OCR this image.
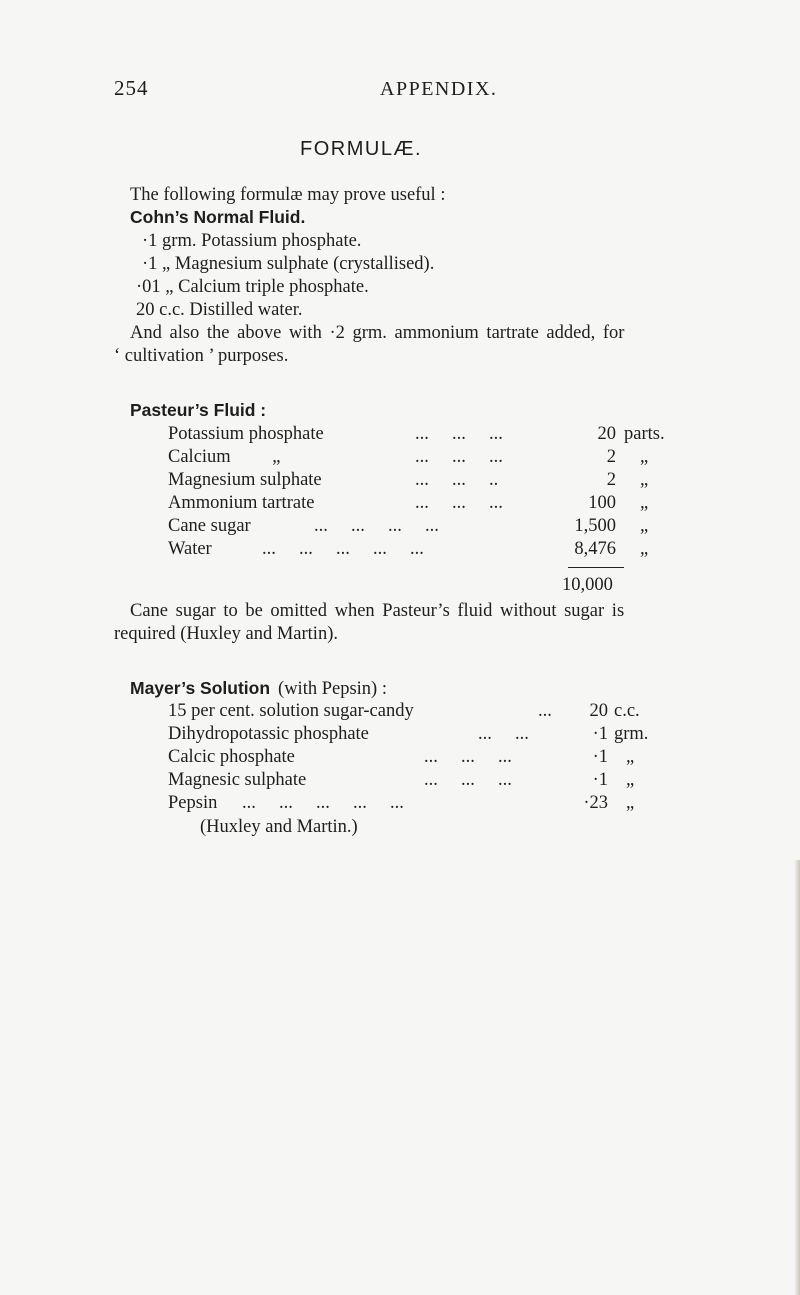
254	APPENDIX.
FORMULÆ.
The following formulæ may prove useful :
Cohn’s Normal Fluid.
·1 grm. Potassium phosphate.
·1 „ Magnesium sulphate (crystallised).
·01 „ Calcium triple phosphate.
20 c.c. Distilled water.
And also the above with ·2 grm. ammonium tartrate added, for
‘ cultivation ’ purposes.
Pasteur’s Fluid :
Potassium phosphate	...     ...     ...	20 parts.
Calcium         „	...     ...     ...	2 „
Magnesium sulphate	...     ...     ..	2 „
Ammonium tartrate	...     ...     ...	100 „
Cane sugar	...     ...     ...     ...	1,500 „
Water	...     ...     ...     ...     ...	8,476 „
10,000
Cane sugar to be omitted when Pasteur’s fluid without sugar is
required (Huxley and Martin).
Mayer’s Solution (with Pepsin) :
15 per cent. solution sugar-candy	...	20 c.c.
Dihydropotassic phosphate	...     ...	·1 grm.
Calcic phosphate	...     ...     ...	·1 „
Magnesic sulphate	...     ...     ...	·1 „
Pepsin ...     ...     ...     ...     ...	·23 „
(Huxley and Martin.)
